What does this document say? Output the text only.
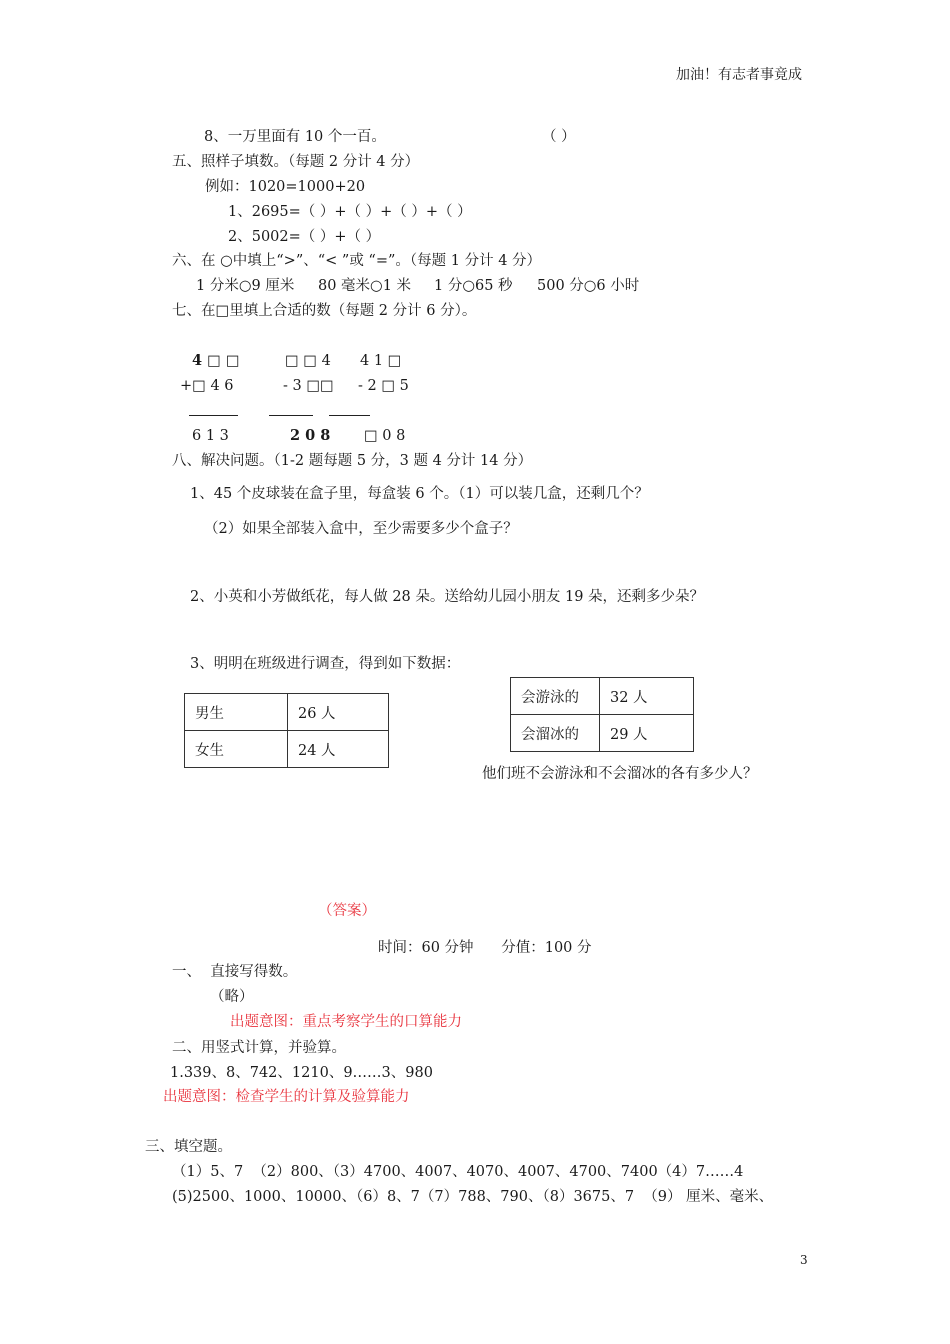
加油！有志者事竟成
8、一万里面有 10 个一百。	（ ）
五、照样子填数。（每题 2 分计 4 分）
例如：1020=1000+20
1、2695=（ ）+（ ）+（ ）+（ ）
2、5002=（ ）+（ ）
六、在 ○中填上“>”、“< ”或 “=”。（每题 1 分计 4 分）
1 分米○9 厘米 80 毫米○1 米 1 分○65 秒 500 分○6 小时
七、在□里填上合适的数（每题 2 分计 6 分）。
4 □ □
+□ 4 6
6 1 3
□ □ 4
- 3 □□
2 0 8
4 1 □
- 2 □ 5
□ 0 8
八、解决问题。（1-2 题每题 5 分，3 题 4 分计 14 分）
1、45 个皮球装在盒子里，每盒装 6 个。（1）可以装几盒，还剩几个？
（2）如果全部装入盒中，至少需要多少个盒子？
2、小英和小芳做纸花，每人做 28 朵。送给幼儿园小朋友 19 朵，还剩多少朵？
3、明明在班级进行调查，得到如下数据：
男生	26 人
女生	24 人
会游泳的	32 人
会溜冰的	29 人
他们班不会游泳和不会溜冰的各有多少人？
（答案）
时间：60 分钟      分值：100 分
一、  直接写得数。
（略）
出题意图：重点考察学生的口算能力
二、用竖式计算，并验算。
1.339、8、742、1210、9……3、980
出题意图：检查学生的计算及验算能力
三、填空题。
（1）5、7  （2）800、（3）4700、4007、4070、4007、4700、7400（4）7……4
(5)2500、1000、10000、（6）8、7（7）788、790、（8）3675、7  （9） 厘米、毫米、
3
